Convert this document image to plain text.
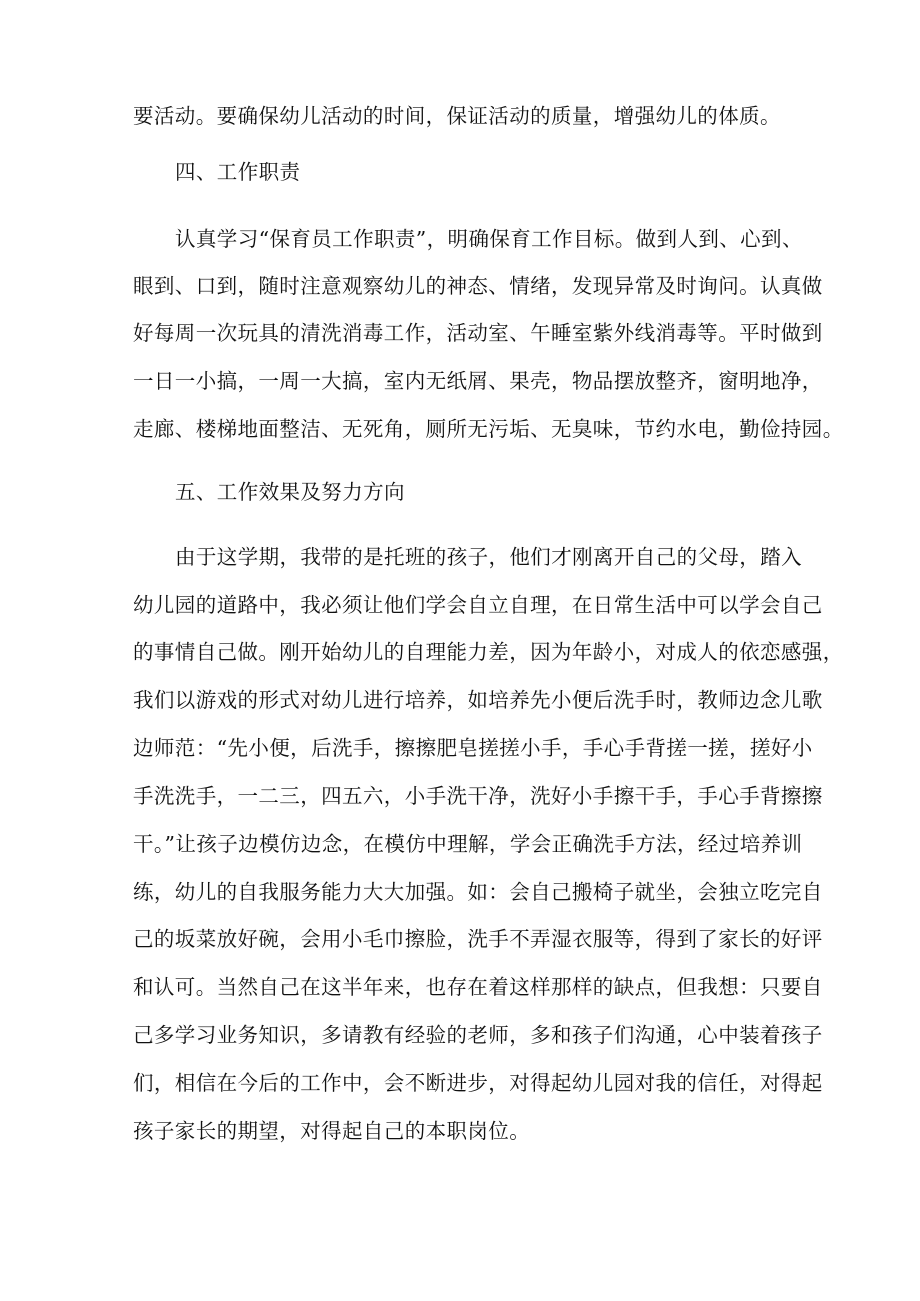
要活动。要确保幼儿活动的时间，保证活动的质量，增强幼儿的体质。

四、工作职责

认真学习“保育员工作职责”，明确保育工作目标。做到人到、心到、

眼到、口到，随时注意观察幼儿的神态、情绪，发现异常及时询问。认真做

好每周一次玩具的清洗消毒工作，活动室、午睡室紫外线消毒等。平时做到

一日一小搞，一周一大搞，室内无纸屑、果壳，物品摆放整齐，窗明地净，

走廊、楼梯地面整洁、无死角，厕所无污垢、无臭味，节约水电，勤俭持园。

五、工作效果及努力方向

由于这学期，我带的是托班的孩子，他们才刚离开自己的父母，踏入

幼儿园的道路中，我必须让他们学会自立自理，在日常生活中可以学会自己

的事情自己做。刚开始幼儿的自理能力差，因为年龄小，对成人的依恋感强，

我们以游戏的形式对幼儿进行培养，如培养先小便后洗手时，教师边念儿歌

边师范：“先小便，后洗手，擦擦肥皂搓搓小手，手心手背搓一搓，搓好小

手洗洗手，一二三，四五六，小手洗干净，洗好小手擦干手，手心手背擦擦

干。”让孩子边模仿边念，在模仿中理解，学会正确洗手方法，经过培养训

练，幼儿的自我服务能力大大加强。如：会自己搬椅子就坐，会独立吃完自

己的坂菜放好碗，会用小毛巾擦脸，洗手不弄湿衣服等，得到了家长的好评

和认可。当然自己在这半年来，也存在着这样那样的缺点，但我想：只要自

己多学习业务知识，多请教有经验的老师，多和孩子们沟通，心中装着孩子

们，相信在今后的工作中，会不断进步，对得起幼儿园对我的信任，对得起

孩子家长的期望，对得起自己的本职岗位。
